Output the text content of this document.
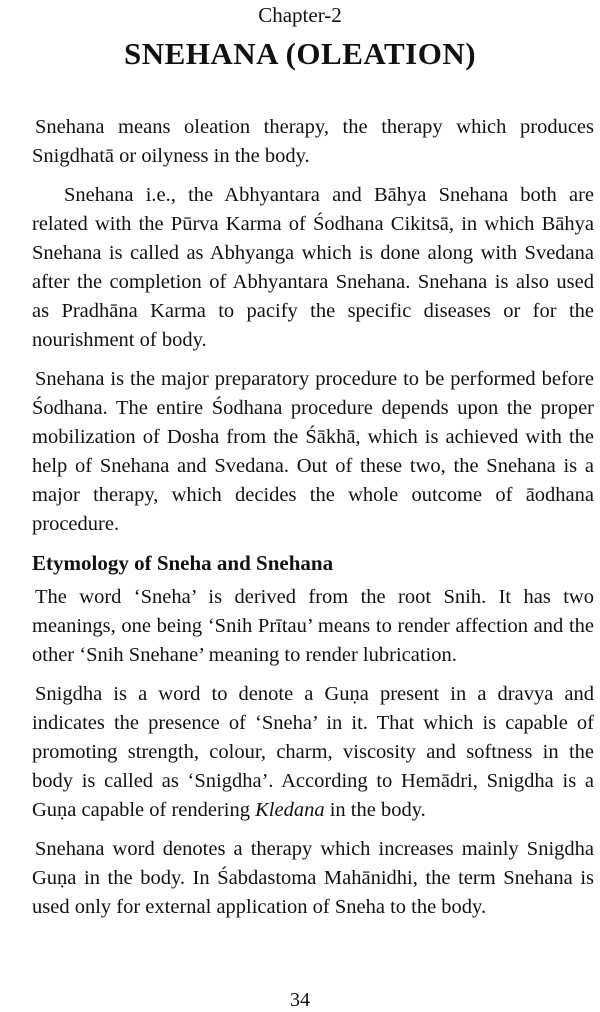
Chapter-2
SNEHANA (OLEATION)

Snehana means oleation therapy, the therapy which produces Snigdhatā or oilyness in the body.

Snehana i.e., the Abhyantara and Bāhya Snehana both are related with the Pūrva Karma of Śodhana Cikitsā, in which Bāhya Snehana is called as Abhyanga which is done along with Svedana after the completion of Abhyantara Snehana. Snehana is also used as Pradhāna Karma to pacify the specific diseases or for the nourishment of body.

Snehana is the major preparatory procedure to be performed before Śodhana. The entire Śodhana procedure depends upon the proper mobilization of Dosha from the Śākhā, which is achieved with the help of Snehana and Svedana. Out of these two, the Snehana is a major therapy, which decides the whole outcome of āodhana procedure.

Etymology of Sneha and Snehana

The word ‘Sneha’ is derived from the root Snih. It has two meanings, one being ‘Snih Prītau’ means to render affection and the other ‘Snih Snehane’ meaning to render lubrication.

Snigdha is a word to denote a Guṇa present in a dravya and indicates the presence of ‘Sneha’ in it. That which is capable of promoting strength, colour, charm, viscosity and softness in the body is called as ‘Snigdha’. According to Hemādri, Snigdha is a Guṇa capable of rendering Kledana in the body.

Snehana word denotes a therapy which increases mainly Snigdha Guṇa in the body. In Śabdastoma Mahānidhi, the term Snehana is used only for external application of Sneha to the body.

34
